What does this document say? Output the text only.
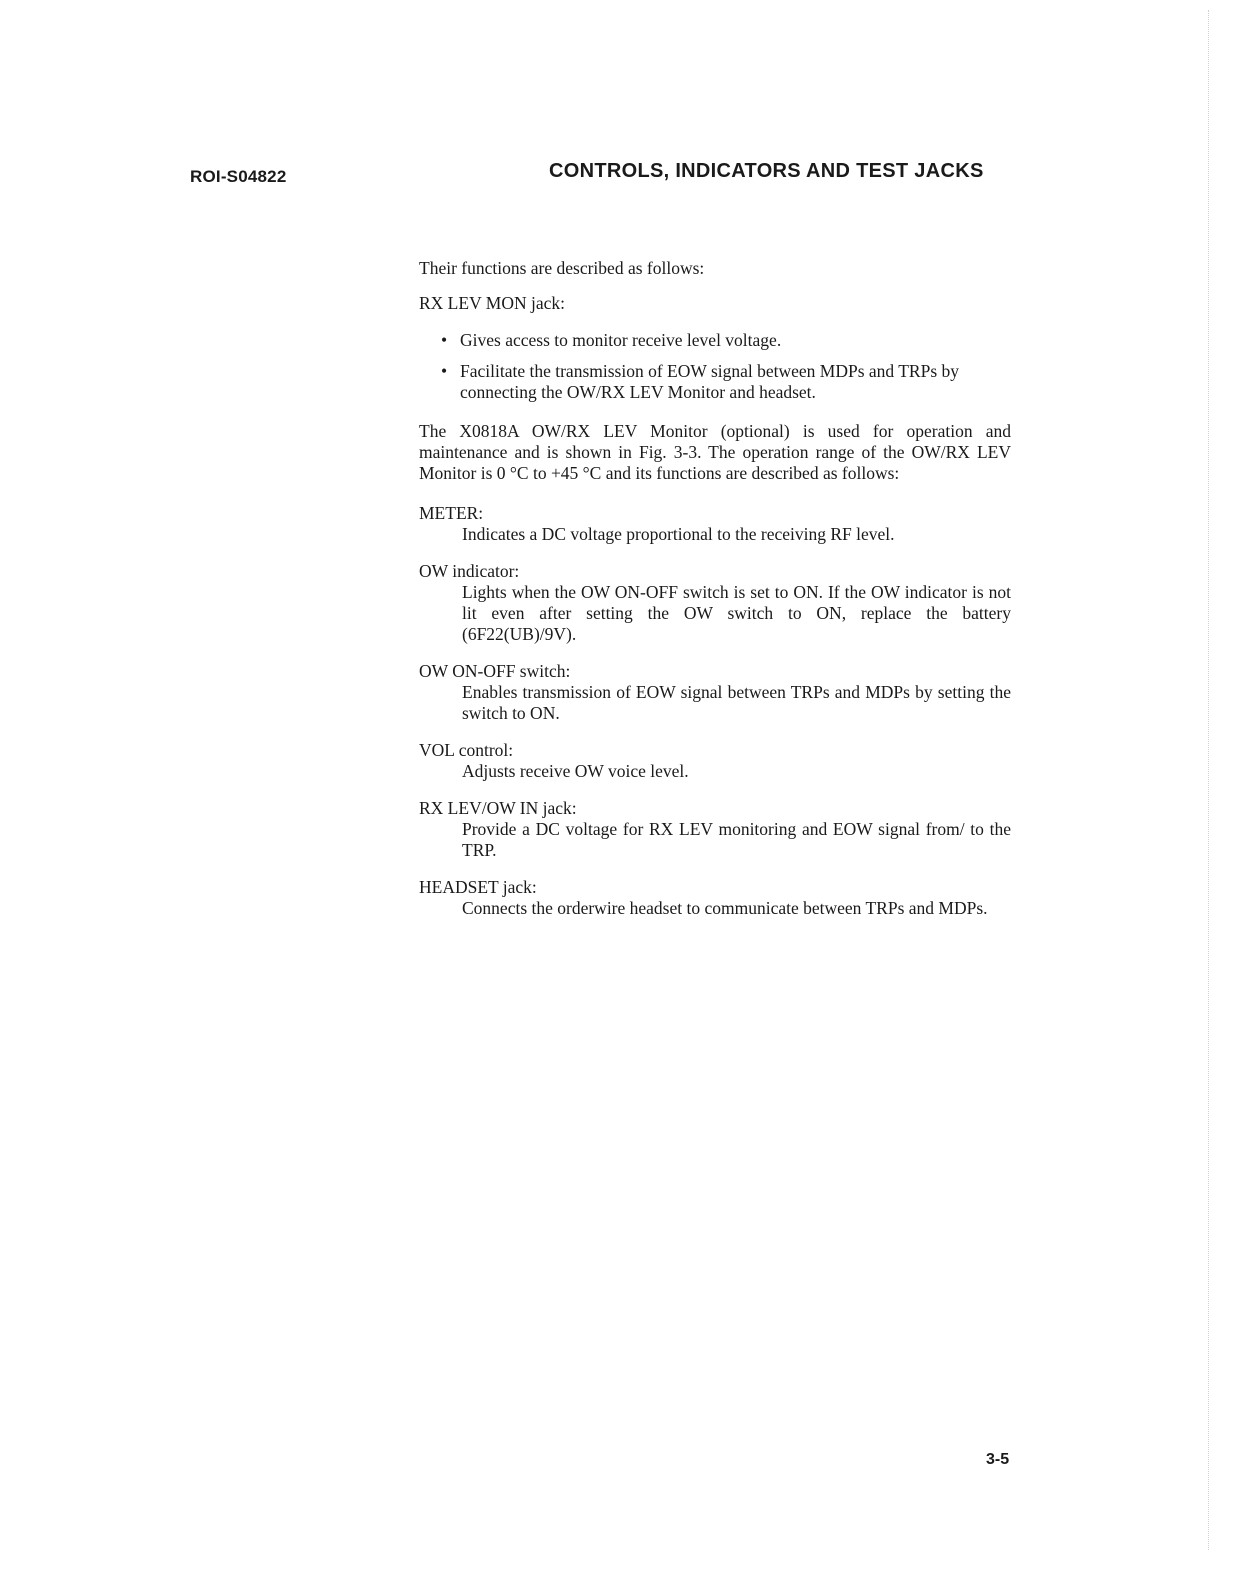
ROI-S04822	CONTROLS, INDICATORS AND TEST JACKS

Their functions are described as follows:

RX LEV MON jack:

• Gives access to monitor receive level voltage.
• Facilitate the transmission of EOW signal between MDPs and TRPs by connecting the OW/RX LEV Monitor and headset.

The X0818A OW/RX LEV Monitor (optional) is used for operation and maintenance and is shown in Fig. 3-3. The operation range of the OW/RX LEV Monitor is 0 °C to +45 °C and its functions are described as follows:

METER:
Indicates a DC voltage proportional to the receiving RF level.
OW indicator:
Lights when the OW ON-OFF switch is set to ON. If the OW indicator is not lit even after setting the OW switch to ON, replace the battery (6F22(UB)/9V).
OW ON-OFF switch:
Enables transmission of EOW signal between TRPs and MDPs by setting the switch to ON.
VOL control:
Adjusts receive OW voice level.
RX LEV/OW IN jack:
Provide a DC voltage for RX LEV monitoring and EOW signal from/ to the TRP.
HEADSET jack:
Connects the orderwire headset to communicate between TRPs and MDPs.
3-5
